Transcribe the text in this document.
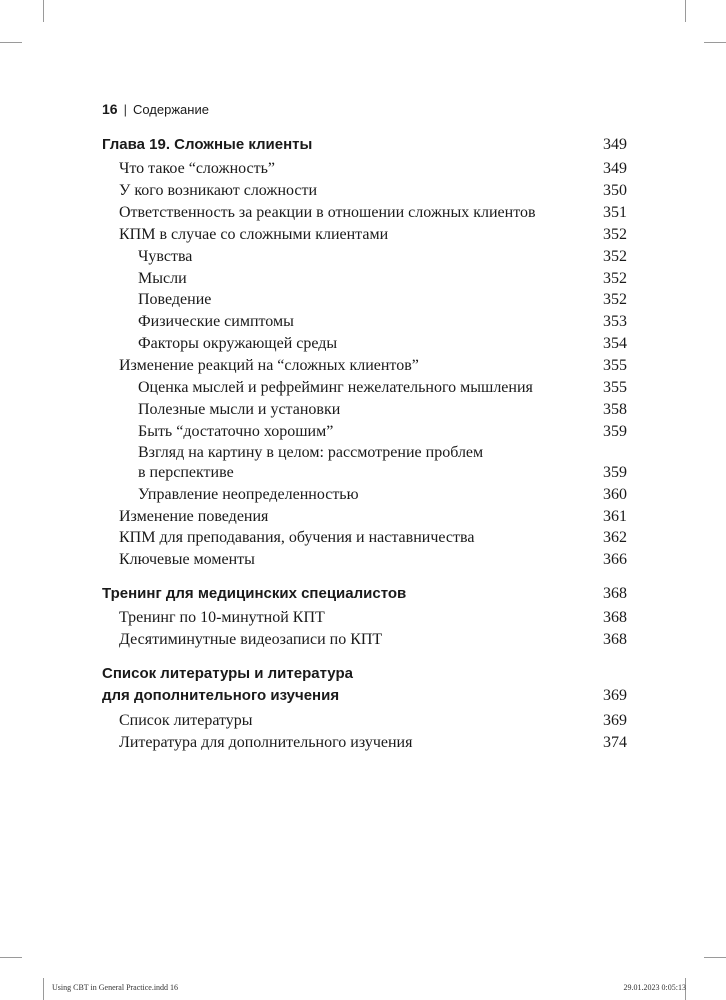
16 | Содержание
Глава 19. Сложные клиенты	349
Что такое “сложность”	349
У кого возникают сложности	350
Ответственность за реакции в отношении сложных клиентов	351
КПМ в случае со сложными клиентами	352
Чувства	352
Мысли	352
Поведение	352
Физические симптомы	353
Факторы окружающей среды	354
Изменение реакций на “сложных клиентов”	355
Оценка мыслей и рефрейминг нежелательного мышления	355
Полезные мысли и установки	358
Быть “достаточно хорошим”	359
Взгляд на картину в целом: рассмотрение проблем
в перспективе	359
Управление неопределенностью	360
Изменение поведения	361
КПМ для преподавания, обучения и наставничества	362
Ключевые моменты	366
Тренинг для медицинских специалистов	368
Тренинг по 10-минутной КПТ	368
Десятиминутные видеозаписи по КПТ	368
Список литературы и литература
для дополнительного изучения	369
Список литературы	369
Литература для дополнительного изучения	374
Using CBT in General Practice.indd 16	29.01.2023 0:05:13
